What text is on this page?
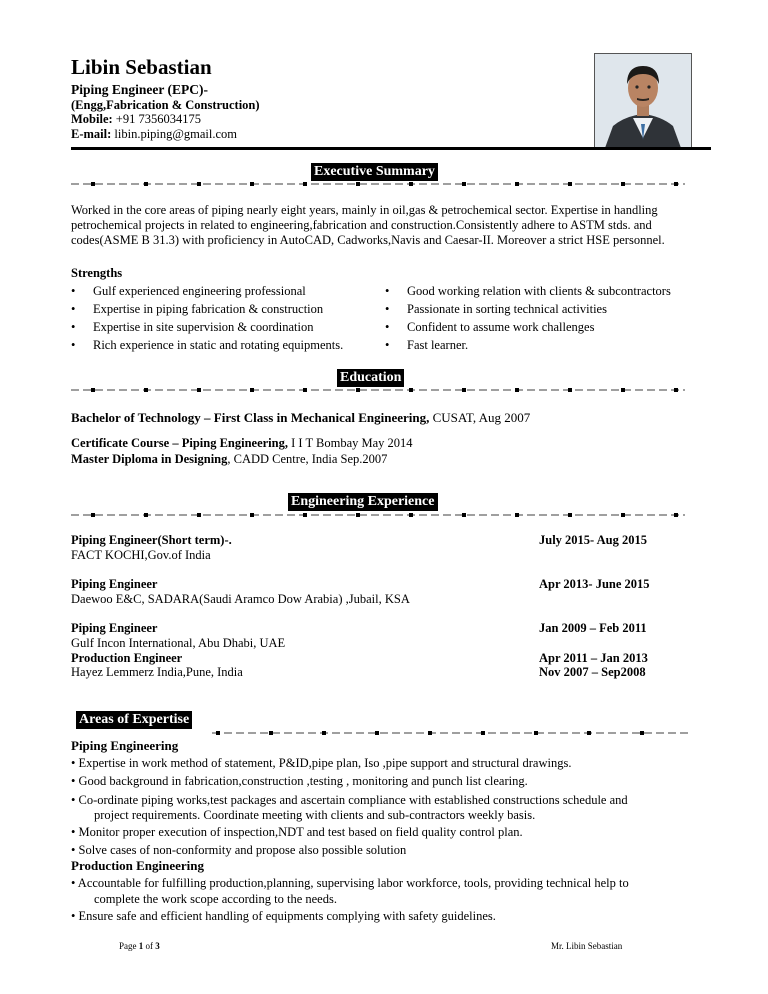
Libin Sebastian
Piping Engineer (EPC)-
(Engg,Fabrication & Construction)
Mobile: +91 7356034175
E-mail: libin.piping@gmail.com
Executive Summary
Worked in the core areas of piping nearly eight years, mainly in oil,gas & petrochemical sector. Expertise in handling
petrochemical projects in related to engineering,fabrication and construction.Consistently adhere to ASTM stds. and
codes(ASME B 31.3) with proficiency in AutoCAD, Cadworks,Navis and Caesar-II. Moreover a strict HSE personnel.
Strengths
• Gulf experienced engineering professional
• Expertise in piping fabrication & construction
• Expertise in site supervision & coordination
• Rich experience in static and rotating equipments.
• Good working relation with clients & subcontractors
• Passionate in sorting technical activities
• Confident to assume work challenges
• Fast learner.
Education
Bachelor of Technology – First Class in Mechanical Engineering, CUSAT, Aug 2007
Certificate Course – Piping Engineering, I I T Bombay May 2014
Master Diploma in Designing, CADD Centre, India Sep.2007
Engineering Experience
Piping Engineer(Short term)-.
FACT KOCHI,Gov.of India
July 2015- Aug 2015
Piping Engineer
Daewoo E&C, SADARA(Saudi Aramco Dow Arabia) ,Jubail, KSA
Apr 2013- June 2015
Piping Engineer
Gulf Incon International, Abu Dhabi, UAE
Jan 2009 – Feb 2011
Production Engineer
Hayez Lemmerz India,Pune, India
Apr 2011 – Jan 2013
Nov 2007 – Sep2008
Areas of Expertise
Piping Engineering
• Expertise in work method of statement, P&ID,pipe plan, Iso ,pipe support and structural drawings.
• Good background in fabrication,construction ,testing , monitoring and punch list clearing.
• Co-ordinate piping works,test packages and ascertain compliance with established constructions schedule and
project requirements. Coordinate meeting with clients and sub-contractors weekly basis.
• Monitor proper execution of inspection,NDT and test based on field quality control plan.
• Solve cases of non-conformity and propose also possible solution
Production Engineering
• Accountable for fulfilling production,planning, supervising labor workforce, tools, providing technical help to
complete the work scope according to the needs.
• Ensure safe and efficient handling of equipments complying with safety guidelines.
Page 1 of 3	Mr. Libin Sebastian
